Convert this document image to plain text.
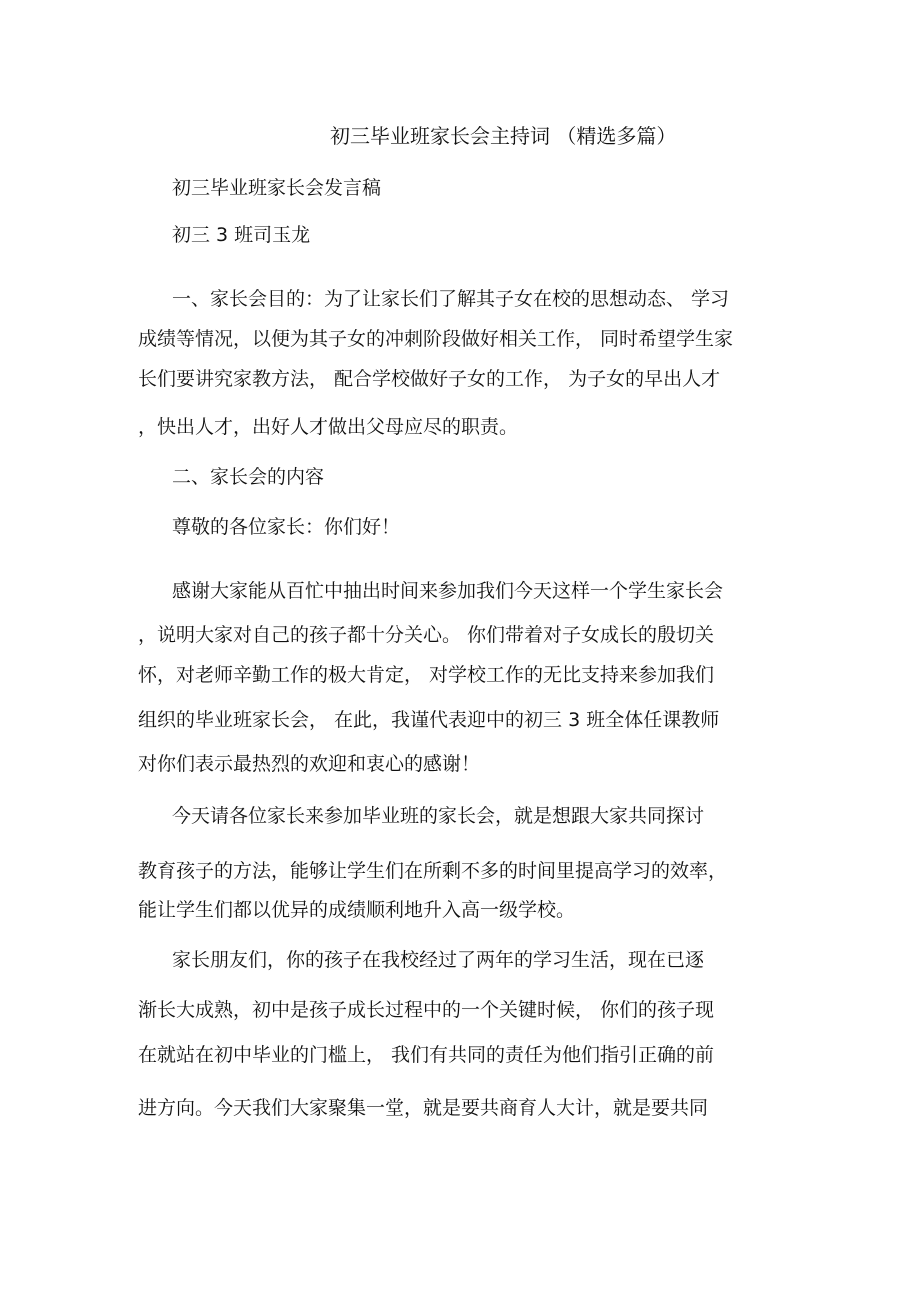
初三毕业班家长会主持词 （精选多篇）
初三毕业班家长会发言稿
初三 3 班司玉龙
一、家长会目的：为了让家长们了解其子女在校的思想动态、 学习
成绩等情况，以便为其子女的冲刺阶段做好相关工作， 同时希望学生家
长们要讲究家教方法， 配合学校做好子女的工作， 为子女的早出人才
，快出人才，出好人才做出父母应尽的职责。
二、家长会的内容
尊敬的各位家长：你们好！
感谢大家能从百忙中抽出时间来参加我们今天这样一个学生家长会
，说明大家对自己的孩子都十分关心。 你们带着对子女成长的殷切关
怀，对老师辛勤工作的极大肯定， 对学校工作的无比支持来参加我们
组织的毕业班家长会， 在此，我谨代表迎中的初三 3 班全体任课教师
对你们表示最热烈的欢迎和衷心的感谢！
今天请各位家长来参加毕业班的家长会，就是想跟大家共同探讨
教育孩子的方法，能够让学生们在所剩不多的时间里提高学习的效率，
能让学生们都以优异的成绩顺利地升入高一级学校。
家长朋友们，你的孩子在我校经过了两年的学习生活，现在已逐
渐长大成熟，初中是孩子成长过程中的一个关键时候， 你们的孩子现
在就站在初中毕业的门槛上， 我们有共同的责任为他们指引正确的前
进方向。今天我们大家聚集一堂，就是要共商育人大计，就是要共同
